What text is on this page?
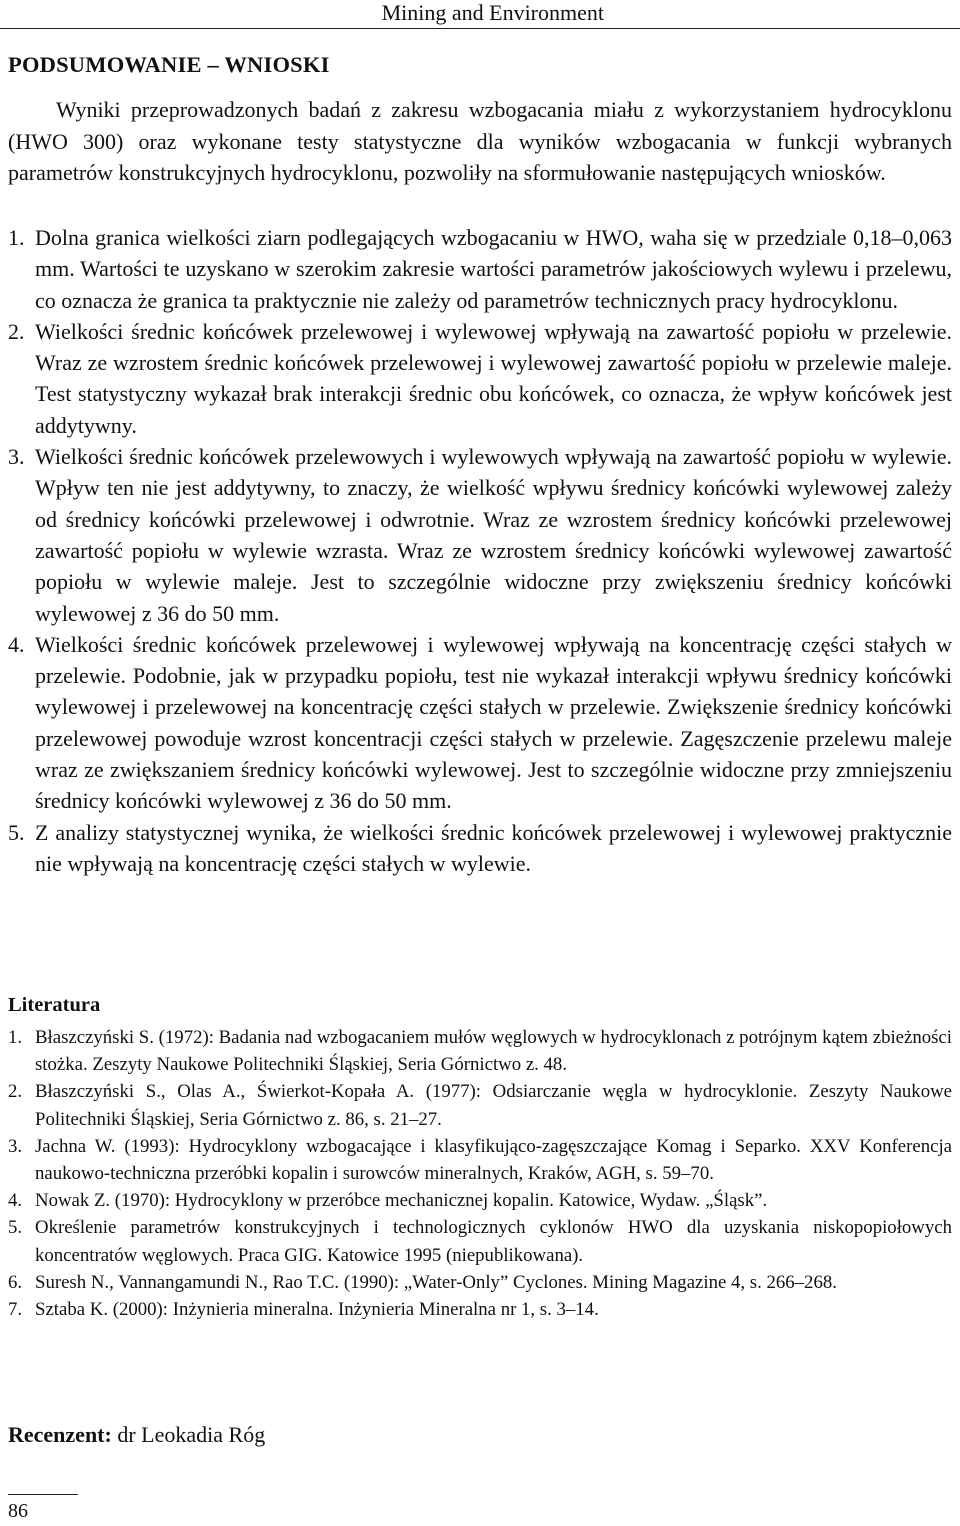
Mining and Environment
PODSUMOWANIE – WNIOSKI

Wyniki przeprowadzonych badań z zakresu wzbogacania miału z wykorzystaniem hydrocyklonu (HWO 300) oraz wykonane testy statystyczne dla wyników wzbogacania w funkcji wybranych parametrów konstrukcyjnych hydrocyklonu, pozwoliły na sformułowanie następujących wniosków.

1. Dolna granica wielkości ziarn podlegających wzbogacaniu w HWO, waha się w przedziale 0,18–0,063 mm. Wartości te uzyskano w szerokim zakresie wartości parametrów jakościowych wylewu i przelewu, co oznacza że granica ta praktycznie nie zależy od parametrów technicznych pracy hydrocyklonu.

2. Wielkości średnic końcówek przelewowej i wylewowej wpływają na zawartość popiołu w przelewie. Wraz ze wzrostem średnic końcówek przelewowej i wylewowej zawartość popiołu w przelewie maleje. Test statystyczny wykazał brak interakcji średnic obu końcówek, co oznacza, że wpływ końcówek jest addytywny.

3. Wielkości średnic końcówek przelewowych i wylewowych wpływają na zawartość popiołu w wylewie. Wpływ ten nie jest addytywny, to znaczy, że wielkość wpływu średnicy końcówki wylewowej zależy od średnicy końcówki przelewowej i odwrotnie. Wraz ze wzrostem średnicy końcówki przelewowej zawartość popiołu w wylewie wzrasta. Wraz ze wzrostem średnicy końcówki wylewowej zawartość popiołu w wylewie maleje. Jest to szczególnie widoczne przy zwiększeniu średnicy końcówki wylewowej z 36 do 50 mm.

4. Wielkości średnic końcówek przelewowej i wylewowej wpływają na koncentrację części stałych w przelewie. Podobnie, jak w przypadku popiołu, test nie wykazał interakcji wpływu średnicy końcówki wylewowej i przelewowej na koncentrację części stałych w przelewie. Zwiększenie średnicy końcówki przelewowej powoduje wzrost koncentracji części stałych w przelewie. Zagęszczenie przelewu maleje wraz ze zwiększaniem średnicy końcówki wylewowej. Jest to szczególnie widoczne przy zmniejszeniu średnicy końcówki wylewowej z 36 do 50 mm.

5. Z analizy statystycznej wynika, że wielkości średnic końcówek przelewowej i wylewowej praktycznie nie wpływają na koncentrację części stałych w wylewie.

Literatura

1. Błaszczyński S. (1972): Badania nad wzbogacaniem mułów węglowych w hydrocyklonach z potrójnym kątem zbieżności stożka. Zeszyty Naukowe Politechniki Śląskiej, Seria Górnictwo z. 48.

2. Błaszczyński S., Olas A., Świerkot-Kopała A. (1977): Odsiarczanie węgla w hydrocyklonie. Zeszyty Naukowe Politechniki Śląskiej, Seria Górnictwo z. 86, s. 21–27.

3. Jachna W. (1993): Hydrocyklony wzbogacające i klasyfikująco-zagęszczające Komag i Separko. XXV Konferencja naukowo-techniczna przeróbki kopalin i surowców mineralnych, Kraków, AGH, s. 59–70.

4. Nowak Z. (1970): Hydrocyklony w przeróbce mechanicznej kopalin. Katowice, Wydaw. „Śląsk”.

5. Określenie parametrów konstrukcyjnych i technologicznych cyklonów HWO dla uzyskania niskopopiołowych koncentratów węglowych. Praca GIG. Katowice 1995 (niepublikowana).

6. Suresh N., Vannangamundi N., Rao T.C. (1990): „Water-Only” Cyclones. Mining Magazine 4, s. 266–268.

7. Sztaba K. (2000): Inżynieria mineralna. Inżynieria Mineralna nr 1, s. 3–14.

Recenzent: dr Leokadia Róg
86
